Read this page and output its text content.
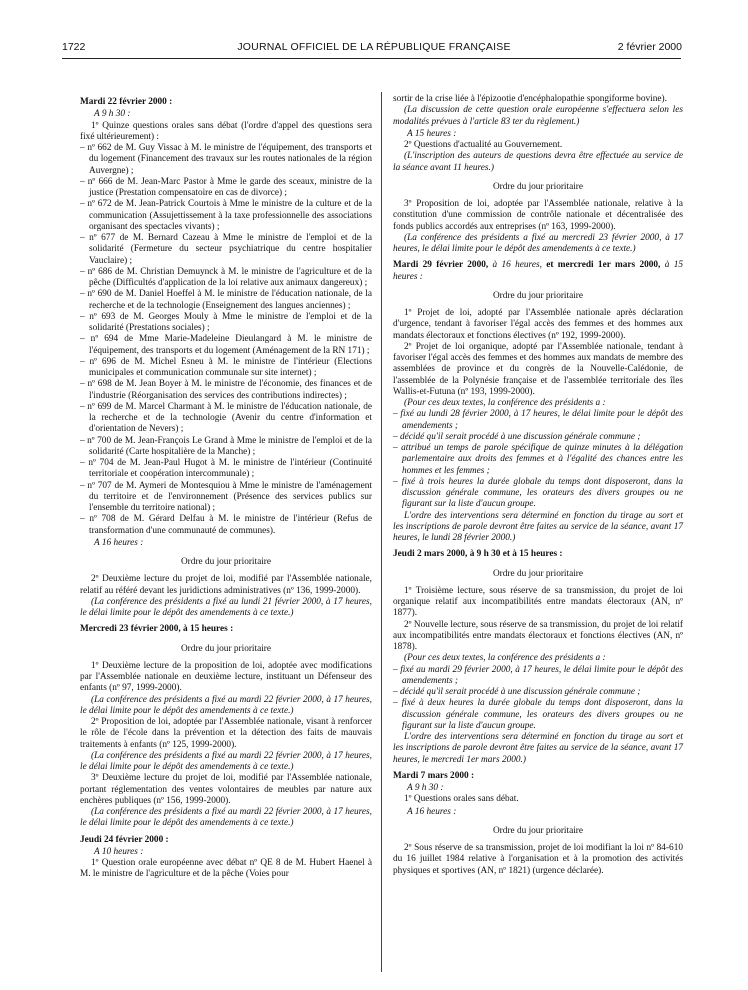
1722	JOURNAL OFFICIEL DE LA RÉPUBLIQUE FRANÇAISE	2 février 2000

Mardi 22 février 2000 :

A 9 h 30 :

1º Quinze questions orales sans débat (l'ordre d'appel des questions sera fixé ultérieurement) :

– nº 662 de M. Guy Vissac à M. le ministre de l'équipement, des transports et du logement (Financement des travaux sur les routes nationales de la région Auvergne) ;

– nº 666 de M. Jean-Marc Pastor à Mme le garde des sceaux, ministre de la justice (Prestation compensatoire en cas de divorce) ;

– nº 672 de M. Jean-Patrick Courtois à Mme le ministre de la culture et de la communication (Assujettissement à la taxe professionnelle des associations organisant des spectacles vivants) ;

– nº 677 de M. Bernard Cazeau à Mme le ministre de l'emploi et de la solidarité (Fermeture du secteur psychiatrique du centre hospitalier Vauclaire) ;

– nº 686 de M. Christian Demuynck à M. le ministre de l'agriculture et de la pêche (Difficultés d'application de la loi relative aux animaux dangereux) ;

– nº 690 de M. Daniel Hoeffel à M. le ministre de l'éducation nationale, de la recherche et de la technologie (Enseignement des langues anciennes) ;

– nº 693 de M. Georges Mouly à Mme le ministre de l'emploi et de la solidarité (Prestations sociales) ;

– nº 694 de Mme Marie-Madeleine Dieulangard à M. le ministre de l'équipement, des transports et du logement (Aménagement de la RN 171) ;

– nº 696 de M. Michel Esneu à M. le ministre de l'intérieur (Elections municipales et communication communale sur site internet) ;

– nº 698 de M. Jean Boyer à M. le ministre de l'économie, des finances et de l'industrie (Réorganisation des services des contributions indirectes) ;

– nº 699 de M. Marcel Charmant à M. le ministre de l'éducation nationale, de la recherche et de la technologie (Avenir du centre d'information et d'orientation de Nevers) ;

– nº 700 de M. Jean-François Le Grand à Mme le ministre de l'emploi et de la solidarité (Carte hospitalière de la Manche) ;

– nº 704 de M. Jean-Paul Hugot à M. le ministre de l'intérieur (Continuité territoriale et coopération intercommunale) ;

– nº 707 de M. Aymeri de Montesquiou à Mme le ministre de l'aménagement du territoire et de l'environnement (Présence des services publics sur l'ensemble du territoire national) ;

– nº 708 de M. Gérard Delfau à M. le ministre de l'intérieur (Refus de transformation d'une communauté de communes).

A 16 heures :

Ordre du jour prioritaire

2º Deuxième lecture du projet de loi, modifié par l'Assemblée nationale, relatif au référé devant les juridictions administratives (nº 136, 1999-2000).

(La conférence des présidents a fixé au lundi 21 février 2000, à 17 heures, le délai limite pour le dépôt des amendements à ce texte.)

Mercredi 23 février 2000, à 15 heures :

Ordre du jour prioritaire

1º Deuxième lecture de la proposition de loi, adoptée avec modifications par l'Assemblée nationale en deuxième lecture, instituant un Défenseur des enfants (nº 97, 1999-2000).

(La conférence des présidents a fixé au mardi 22 février 2000, à 17 heures, le délai limite pour le dépôt des amendements à ce texte.)

2º Proposition de loi, adoptée par l'Assemblée nationale, visant à renforcer le rôle de l'école dans la prévention et la détection des faits de mauvais traitements à enfants (nº 125, 1999-2000).

(La conférence des présidents a fixé au mardi 22 février 2000, à 17 heures, le délai limite pour le dépôt des amendements à ce texte.)

3º Deuxième lecture du projet de loi, modifié par l'Assemblée nationale, portant réglementation des ventes volontaires de meubles par nature aux enchères publiques (nº 156, 1999-2000).

(La conférence des présidents a fixé au mardi 22 février 2000, à 17 heures, le délai limite pour le dépôt des amendements à ce texte.)

Jeudi 24 février 2000 :

A 10 heures :

1º Question orale européenne avec débat nº QE 8 de M. Hubert Haenel à M. le ministre de l'agriculture et de la pêche (Voies pour

sortir de la crise liée à l'épizootie d'encéphalopathie spongiforme bovine).

(La discussion de cette question orale européenne s'effectuera selon les modalités prévues à l'article 83 ter du règlement.)

A 15 heures :

2º Questions d'actualité au Gouvernement.

(L'inscription des auteurs de questions devra être effectuée au service de la séance avant 11 heures.)

Ordre du jour prioritaire

3º Proposition de loi, adoptée par l'Assemblée nationale, relative à la constitution d'une commission de contrôle nationale et décentralisée des fonds publics accordés aux entreprises (nº 163, 1999-2000).

(La conférence des présidents a fixé au mercredi 23 février 2000, à 17 heures, le délai limite pour le dépôt des amendements à ce texte.)

Mardi 29 février 2000, à 16 heures, et mercredi 1er mars 2000, à 15 heures :

Ordre du jour prioritaire

1º Projet de loi, adopté par l'Assemblée nationale après déclaration d'urgence, tendant à favoriser l'égal accès des femmes et des hommes aux mandats électoraux et fonctions électives (nº 192, 1999-2000).

2º Projet de loi organique, adopté par l'Assemblée nationale, tendant à favoriser l'égal accès des femmes et des hommes aux mandats de membre des assemblées de province et du congrès de la Nouvelle-Calédonie, de l'assemblée de la Polynésie française et de l'assemblée territoriale des îles Wallis-et-Futuna (nº 193, 1999-2000).

(Pour ces deux textes, la conférence des présidents a :

– fixé au lundi 28 février 2000, à 17 heures, le délai limite pour le dépôt des amendements ;

– décidé qu'il serait procédé à une discussion générale commune ;

– attribué un temps de parole spécifique de quinze minutes à la délégation parlementaire aux droits des femmes et à l'égalité des chances entre les hommes et les femmes ;

– fixé à trois heures la durée globale du temps dont disposeront, dans la discussion générale commune, les orateurs des divers groupes ou ne figurant sur la liste d'aucun groupe.

L'ordre des interventions sera déterminé en fonction du tirage au sort et les inscriptions de parole devront être faites au service de la séance, avant 17 heures, le lundi 28 février 2000.)

Jeudi 2 mars 2000, à 9 h 30 et à 15 heures :

Ordre du jour prioritaire

1º Troisième lecture, sous réserve de sa transmission, du projet de loi organique relatif aux incompatibilités entre mandats électoraux (AN, nº 1877).

2º Nouvelle lecture, sous réserve de sa transmission, du projet de loi relatif aux incompatibilités entre mandats électoraux et fonctions électives (AN, nº 1878).

(Pour ces deux textes, la conférence des présidents a :

– fixé au mardi 29 février 2000, à 17 heures, le délai limite pour le dépôt des amendements ;

– décidé qu'il serait procédé à une discussion générale commune ;

– fixé à deux heures la durée globale du temps dont disposeront, dans la discussion générale commune, les orateurs des divers groupes ou ne figurant sur la liste d'aucun groupe.

L'ordre des interventions sera déterminé en fonction du tirage au sort et les inscriptions de parole devront être faites au service de la séance, avant 17 heures, le mercredi 1er mars 2000.)

Mardi 7 mars 2000 :

A 9 h 30 :

1º Questions orales sans débat.

A 16 heures :

Ordre du jour prioritaire

2º Sous réserve de sa transmission, projet de loi modifiant la loi nº 84-610 du 16 juillet 1984 relative à l'organisation et à la promotion des activités physiques et sportives (AN, nº 1821) (urgence déclarée).
